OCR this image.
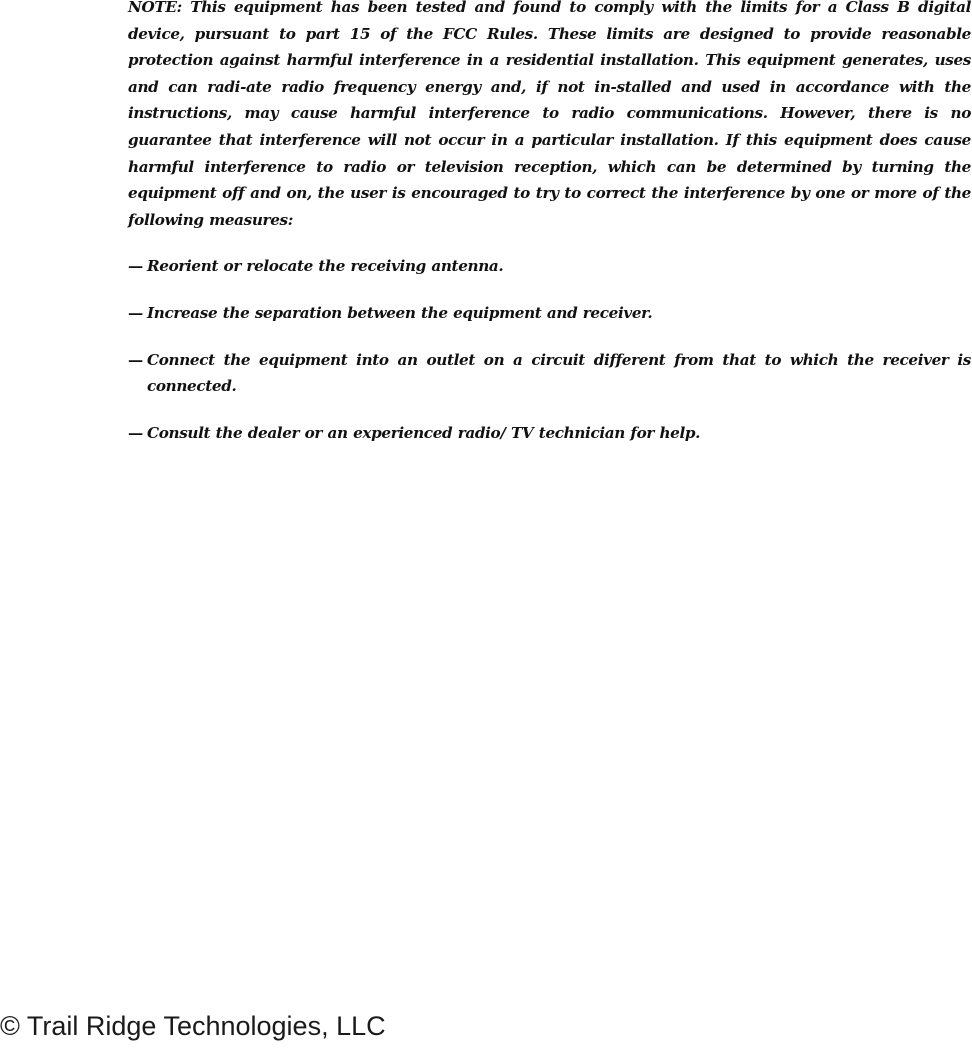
NOTE: This equipment has been tested and found to comply with the limits for a Class B digital device, pursuant to part 15 of the FCC Rules. These limits are designed to provide reasonable protection against harmful interference in a residential installation. This equipment generates, uses and can radi-ate radio frequency energy and, if not in-stalled and used in accordance with the instructions, may cause harmful interference to radio communications. However, there is no guarantee that interference will not occur in a particular installation. If this equipment does cause harmful interference to radio or television reception, which can be determined by turning the equipment off and on, the user is encouraged to try to correct the interference by one or more of the following measures:

— Reorient or relocate the receiving antenna.
— Increase the separation between the equipment and receiver.
— Connect the equipment into an outlet on a circuit different from that to which the receiver is connected.
— Consult the dealer or an experienced radio/ TV technician for help.
© Trail Ridge Technologies, LLC
